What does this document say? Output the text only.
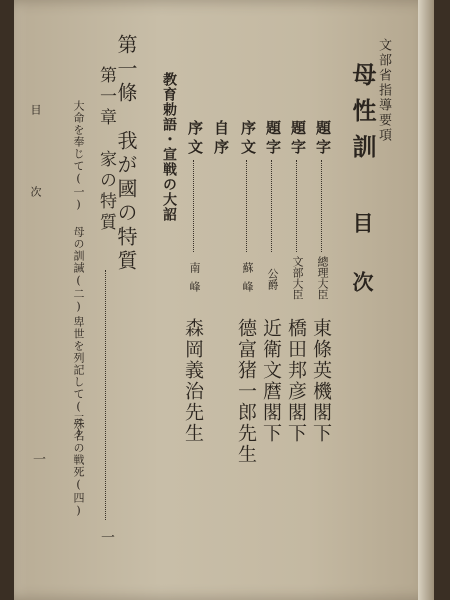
文部省指導要項
母性訓
目次
題字
總理大臣
東條英機閣下
題字
文部大臣
橋田邦彦閣下
題字
公爵
近衛文麿閣下
序文
蘇峰
德富猪一郎先生
自序
序文
南峰
森岡義治先生
教育勅語・宣戦の大詔
第一條　我が國の特質
第一章　家の特質
一
大命を奉じて(一)
母の訓誡(二)
卑世を列記して(三)
殊名の戦死(四)
一
目
次
